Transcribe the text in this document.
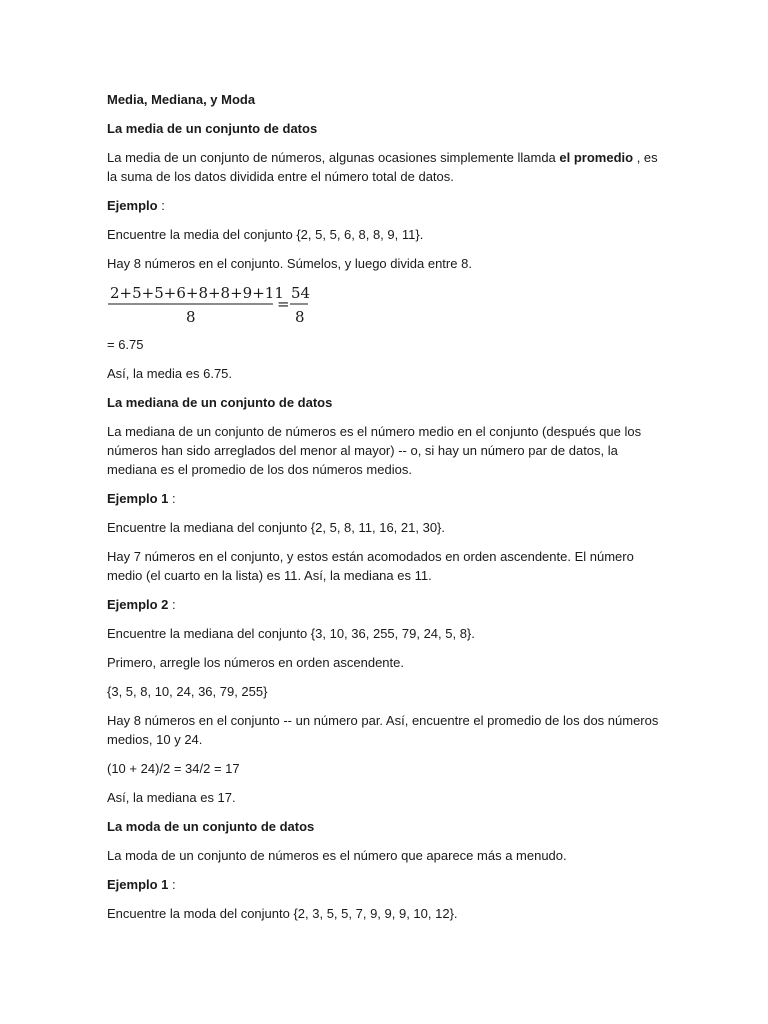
Media, Mediana, y Moda

La media de un conjunto de datos

La media de un conjunto de números, algunas ocasiones simplemente llamda el promedio , es la suma de los datos dividida entre el número total de datos.

Ejemplo :

Encuentre la media del conjunto {2, 5, 5, 6, 8, 8, 9, 11}.

Hay 8 números en el conjunto. Súmelos, y luego divida entre 8.

2+5+5+6+8+8+9+11
8
=
54
8

= 6.75

Así, la media es 6.75.

La mediana de un conjunto de datos

La mediana de un conjunto de números es el número medio en el conjunto (después que los números han sido arreglados del menor al mayor) -- o, si hay un número par de datos, la mediana es el promedio de los dos números medios.

Ejemplo 1 :

Encuentre la mediana del conjunto {2, 5, 8, 11, 16, 21, 30}.

Hay 7 números en el conjunto, y estos están acomodados en orden ascendente. El número medio (el cuarto en la lista) es 11. Así, la mediana es 11.

Ejemplo 2 :

Encuentre la mediana del conjunto {3, 10, 36, 255, 79, 24, 5, 8}.

Primero, arregle los números en orden ascendente.

{3, 5, 8, 10, 24, 36, 79, 255}

Hay 8 números en el conjunto -- un número par. Así, encuentre el promedio de los dos números medios, 10 y 24.

(10 + 24)/2 = 34/2 = 17

Así, la mediana es 17.

La moda de un conjunto de datos

La moda de un conjunto de números es el número que aparece más a menudo.

Ejemplo 1 :

Encuentre la moda del conjunto {2, 3, 5, 5, 7, 9, 9, 9, 10, 12}.
